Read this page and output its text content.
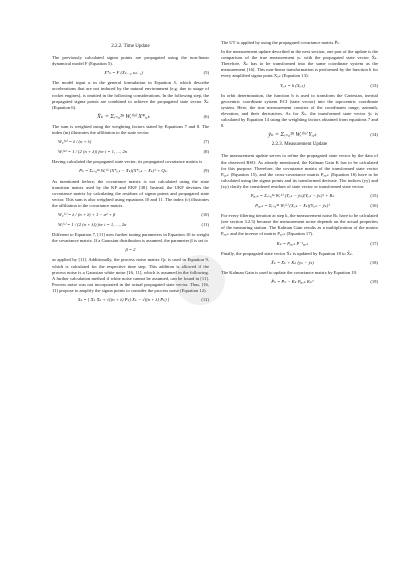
2.2.2. Time Update

The previously calculated sigma points are propagated using the non-linear dynamical model F (Equation 5).

X*ₖ = F (Xₖ₋₁, uₖ₋₁)	(5)

The model input u in the general formulation in Equation 5, which describe accelerations that are not induced by the natural environment (e.g. due to usage of rocket engines), is omitted in the following considerations. In the following step, the propagated sigma points are combined to achieve the propagated state vector X̄ₖ (Equation 6).

X̄ₖ = Σᵢ₌₀²ⁿ Wᵢ⁽ᵐ⁾ X*ᵢ,ₖ	(6)

The sum is weighted using the weighting factors stated by Equations 7 and 8. The index (m) illustrates the affiliation to the state vector.

W₀⁽ᵐ⁾ = λ / (n + λ)	(7)
Wᵢ⁽ᵐ⁾ = 1 / (2 (n + λ)) for i = 1, …, 2n	(8)

Having calculated the propagated state vector, its propagated covariance matrix is

P̄ₖ = Σᵢ₌₀²ⁿ Wᵢ⁽ᶜ⁾ (X*ᵢ,ₖ − X̄ₖ)(X*ᵢ,ₖ − X̄ₖ)ᵀ + Qₖ.	(9)

As mentioned before, the covariance matrix is not calculated using the state transition matrix used by the KF and EKF [38]. Instead, the UKF deviates the covariance matrix by calculating the residues of sigma points and propagated state vector. This sum is also weighted using equations 10 and 11. The index (c) illustrates the affiliation to the covariance matrix.

W₀⁽ᶜ⁾ = λ / (n + λ) + 1 − α² + β	(10)
Wᵢ⁽ᶜ⁾ = 1 / (2 (n + λ)) for i = 1, …, 2n	(11)

Different to Equation 7, [11] uses further tuning parameters in Equation 10 to weight the covariance matrix. If a Gaussian distribution is assumed, the parameter β is set to

β = 2

as applied by [11]. Additionally, the process noise matrix Qₖ is used in Equation 9, which is calculated for the respective time step. This addition is allowed if the process noise is a Gaussian white noise [16, 11], which is assumed in the following. A further calculation method if white noise cannot be assumed, can be found in [11]. Process noise was not incorporated in the actual propagated state vector. Thus, [16, 11] propose to amplify the sigma points to consider the process noise (Equation 12).

Xₖ = [ X̄ₖ X̄ₖ + √((n + λ) P̄ₖ) X̄ₖ − √((n + λ) P̄ₖ) ]	(12)

The UT is applied by using the propagated covariance matrix P̄ₖ.

In the measurement update described in the next section, one part of the update is the comparison of the true measurement yₖ with the propagated state vector X̄ₖ. Therefore, X̄ₖ has to be transformed into the same coordinate system as the measurement [16]. This non-linear transformation is performed by the function h for every amplified sigma point Xᵢ,ₖ (Equation 13):

Yᵢ,ₖ = h (Xᵢ,ₖ)	(13)

In orbit determination, the function h is used to transform the Cartesian, inertial geocentric coordinate system ECI (state vector) into the topocentric coordinate system. Here, the true measurement consists of the coordinates range, azimuth, elevation, and their derivatives. As for X̄ₖ, the transformed state vector ȳₖ is calculated by Equation 14 using the weighting factors obtained from equations 7 and 8.

ȳₖ = Σᵢ₌₀²ⁿ Wᵢ⁽ᵐ⁾ Yᵢ,ₖ	(14)
2.2.3. Measurement Update

The measurement update serves to refine the propagated state vector by the data of the observed RSO. As already mentioned, the Kalman Gain K has to be calculated for this purpose. Therefore, the covariance matrix of the transformed state vector Pᵧᵧ,ₖ (Equation 15), and the cross-covariance matrix Pₓᵧ,ₖ (Equation 16) have to be calculated using the sigma points and its transformed derivate. The indices (yy) and (xy) clarify the considered residues of state vector or transformed state vector.

Pᵧᵧ,ₖ = Σᵢ₌₀²ⁿ Wᵢ⁽ᶜ⁾ (Yᵢ,ₖ − ȳₖ)(Yᵢ,ₖ − ȳₖ)ᵀ + Rₖ	(15)
Pₓᵧ,ₖ = Σᵢ₌₀²ⁿ Wᵢ⁽ᶜ⁾ (Xᵢ,ₖ − X̄ₖ)(Yᵢ,ₖ − ȳₖ)ᵀ	(16)

For every filtering iteration at step k, the measurement noise Rₖ have to be calculated (see section 3.2.5) because the measurement noise depends on the actual properties of the measuring station. The Kalman Gain results as a multiplication of the matrix Pₓᵧ,ₖ and the inverse of matrix Pᵧᵧ,ₖ (Equation 17).

Kₖ = Pₓᵧ,ₖ P⁻¹ᵧᵧ,ₖ	(17)

Finally, the propagated state vector X̄ₖ is updated by Equation 18 to X̂ₖ.

X̂ₖ = X̄ₖ + Kₖ (yₖ − ȳₖ)	(18)

The Kalman Gain is used to update the covariance matrix by Equation 19.

P̂ₖ = P̄ₖ − Kₖ Pᵧᵧ,ₖ Kₖᵀ	(19)
